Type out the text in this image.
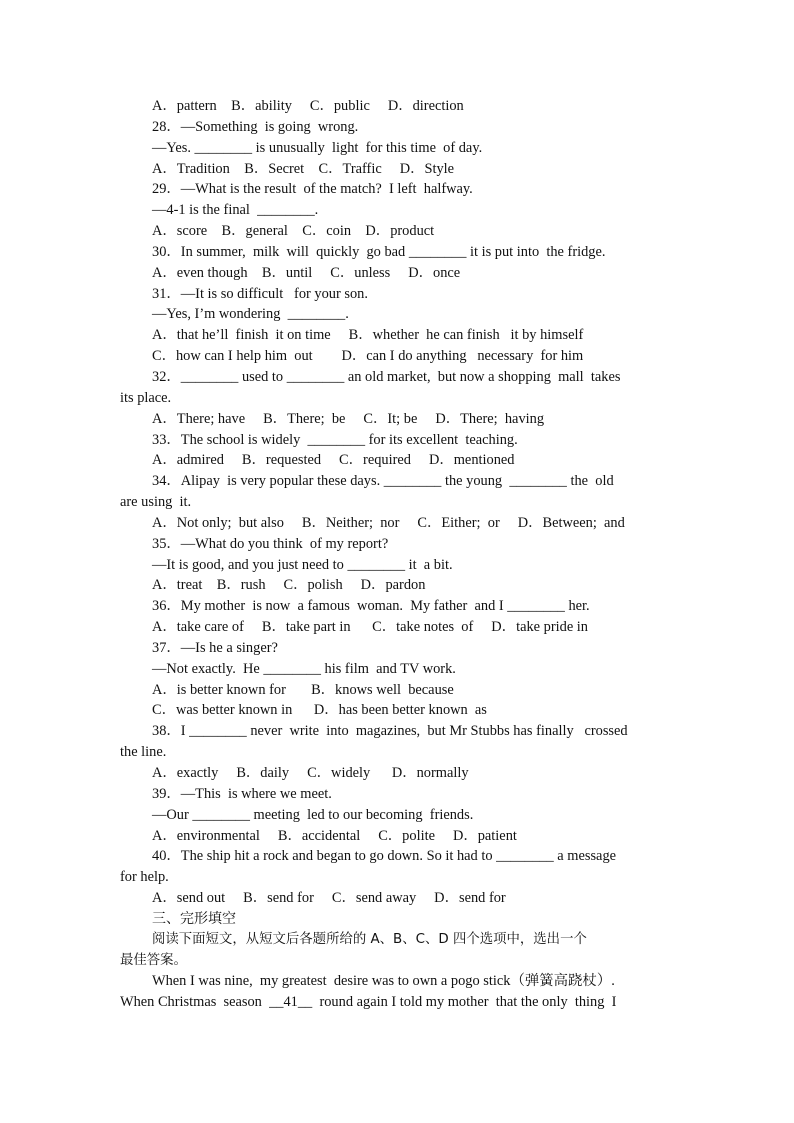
A．pattern    B．ability     C．public     D．direction
28．—Something  is going  wrong.
—Yes. ________ is unusually  light  for this time  of day.
A．Tradition    B．Secret    C．Traffic     D．Style
29．—What is the result  of the match?  I left  halfway.
—4-1 is the final  ________.
A．score    B．general    C．coin    D．product
30．In summer,  milk  will  quickly  go bad ________ it is put into  the fridge.
A．even though    B．until     C．unless     D．once
31．—It is so difficult   for your son.
—Yes, I’m wondering  ________.
A．that he’ll  finish  it on time     B．whether  he can finish   it by himself
C．how can I help him  out        D．can I do anything   necessary  for him
32．________ used to ________ an old market,  but now a shopping  mall  takes
its place.
A．There; have     B．There;  be     C．It; be     D．There;  having
33．The school is widely  ________ for its excellent  teaching.
A．admired     B．requested     C．required     D．mentioned
34．Alipay  is very popular these days. ________ the young  ________ the  old
are using  it.
A．Not only;  but also     B．Neither;  nor     C．Either;  or     D．Between;  and
35．—What do you think  of my report?
—It is good, and you just need to ________ it  a bit.
A．treat    B．rush     C．polish     D．pardon
36．My mother  is now  a famous  woman.  My father  and I ________ her.
A．take care of     B．take part in      C．take notes  of     D．take pride in
37．—Is he a singer?
—Not exactly.  He ________ his film  and TV work.
A．is better known for       B．knows well  because
C．was better known in      D．has been better known  as
38．I ________ never  write  into  magazines,  but Mr Stubbs has finally   crossed
the line.
A．exactly     B．daily     C．widely      D．normally
39．—This  is where we meet.
—Our ________ meeting  led to our becoming  friends.
A．environmental     B．accidental     C．polite     D．patient
40．The ship hit a rock and began to go down. So it had to ________ a message
for help.
A．send out     B．send for     C．send away     D．send for
三、完形填空
阅读下面短文，从短文后各题所给的 A、B、C、D 四个选项中，选出一个
最佳答案。
When I was nine,  my greatest  desire was to own a pogo stick（弹簧高跷杖）.
When Christmas  season  __41__  round again I told my mother  that the only  thing  I
